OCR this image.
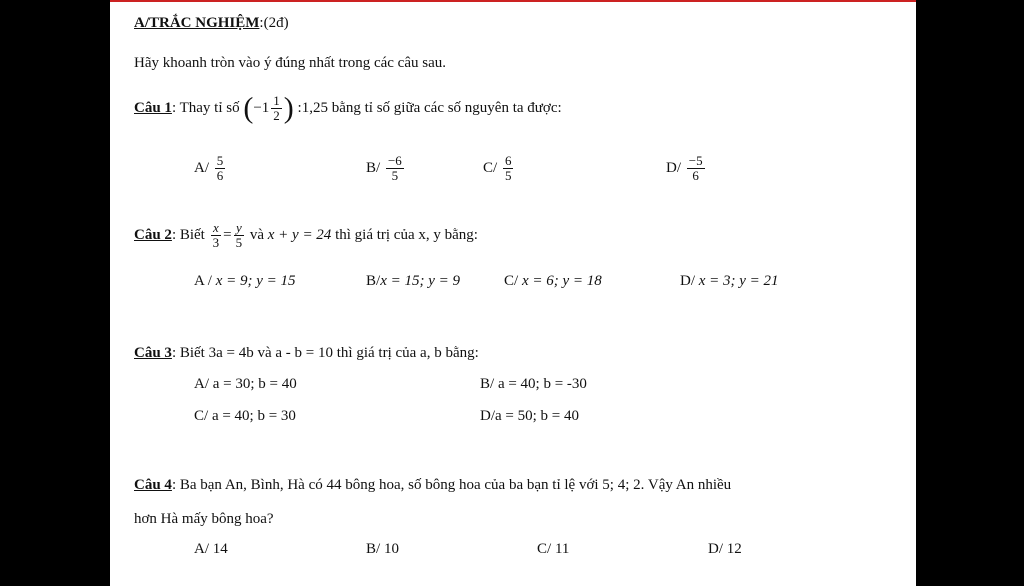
A/TRẮC NGHIỆM:(2đ)
Hãy khoanh tròn vào ý đúng nhất trong các câu sau.
Câu 1: Thay tỉ số ($-1 \frac{1}{2}$ ) :1,25 bằng tỉ số giữa các số nguyên ta được:
$A/ \frac{5}{6}$	$B/ \frac{-6}{5}$	$C/ \frac{6}{5}$	$D/ \frac{-5}{6}$
Câu 2: Biết $\frac{x}{3} = \frac{y}{5}$ và x + y = 24 thì giá trị của x, y bằng:
A / x = 9; y = 15	B/x = 15; y = 9	C/ x = 6; y = 18	D/ x = 3; y = 21
Câu 3: Biết 3a = 4b và a - b = 10 thì giá trị của a, b bằng:
A/ a = 30; b = 40	B/ a = 40; b = -30
C/ a = 40; b = 30	D/a = 50; b = 40
Câu 4: Ba bạn An, Bình, Hà có 44 bông hoa, số bông hoa của ba bạn tỉ lệ với 5; 4; 2. Vậy An nhiều
hơn Hà mấy bông hoa?
A/ 14	B/ 10	C/ 11	D/ 12
